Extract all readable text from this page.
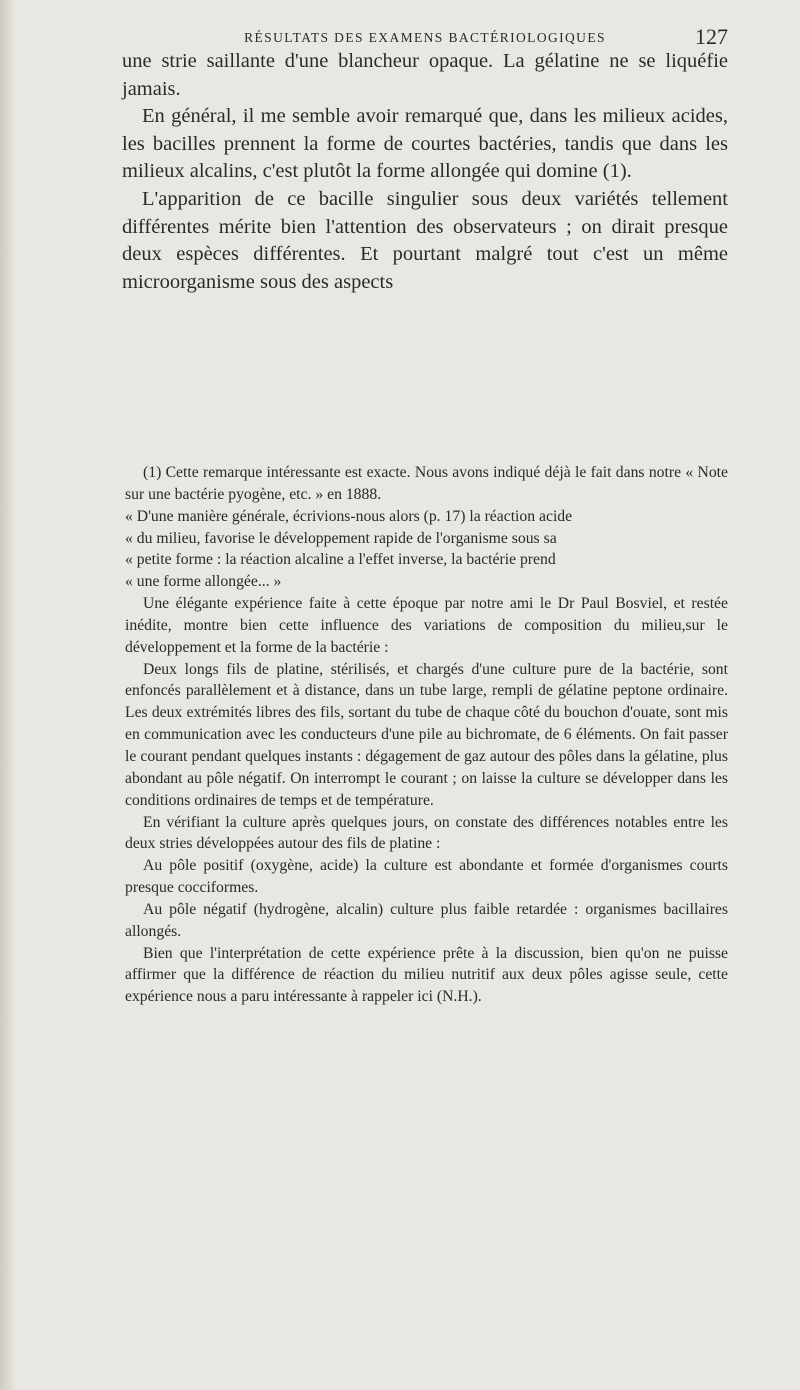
RÉSULTATS DES EXAMENS BACTÉRIOLOGIQUES	127

une strie saillante d'une blancheur opaque. La gélatine ne se liquéfie jamais.

En général, il me semble avoir remarqué que, dans les milieux acides, les bacilles prennent la forme de courtes bactéries, tandis que dans les milieux alcalins, c'est plutôt la forme allongée qui domine (1).

L'apparition de ce bacille singulier sous deux variétés tellement différentes mérite bien l'attention des observateurs ; on dirait presque deux espèces différentes. Et pourtant malgré tout c'est un même microorganisme sous des aspects

(1) Cette remarque intéressante est exacte. Nous avons indiqué déjà le fait dans notre « Note sur une bactérie pyogène, etc. » en 1888.

« D'une manière générale, écrivions-nous alors (p. 17) la réaction acide

« du milieu, favorise le développement rapide de l'organisme sous sa

« petite forme : la réaction alcaline a l'effet inverse, la bactérie prend

« une forme allongée... »

Une élégante expérience faite à cette époque par notre ami le Dr Paul Bosviel, et restée inédite, montre bien cette influence des variations de composition du milieu,sur le développement et la forme de la bactérie :

Deux longs fils de platine, stérilisés, et chargés d'une culture pure de la bactérie, sont enfoncés parallèlement et à distance, dans un tube large, rempli de gélatine peptone ordinaire. Les deux extrémités libres des fils, sortant du tube de chaque côté du bouchon d'ouate, sont mis en communication avec les conducteurs d'une pile au bichromate, de 6 éléments. On fait passer le courant pendant quelques instants : dégagement de gaz autour des pôles dans la gélatine, plus abondant au pôle négatif. On interrompt le courant ; on laisse la culture se développer dans les conditions ordinaires de temps et de température.

En vérifiant la culture après quelques jours, on constate des différences notables entre les deux stries développées autour des fils de platine :

Au pôle positif (oxygène, acide) la culture est abondante et formée d'organismes courts presque cocciformes.

Au pôle négatif (hydrogène, alcalin) culture plus faible retardée : organismes bacillaires allongés.

Bien que l'interprétation de cette expérience prête à la discussion, bien qu'on ne puisse affirmer que la différence de réaction du milieu nutritif aux deux pôles agisse seule, cette expérience nous a paru intéressante à rappeler ici (N.H.).
